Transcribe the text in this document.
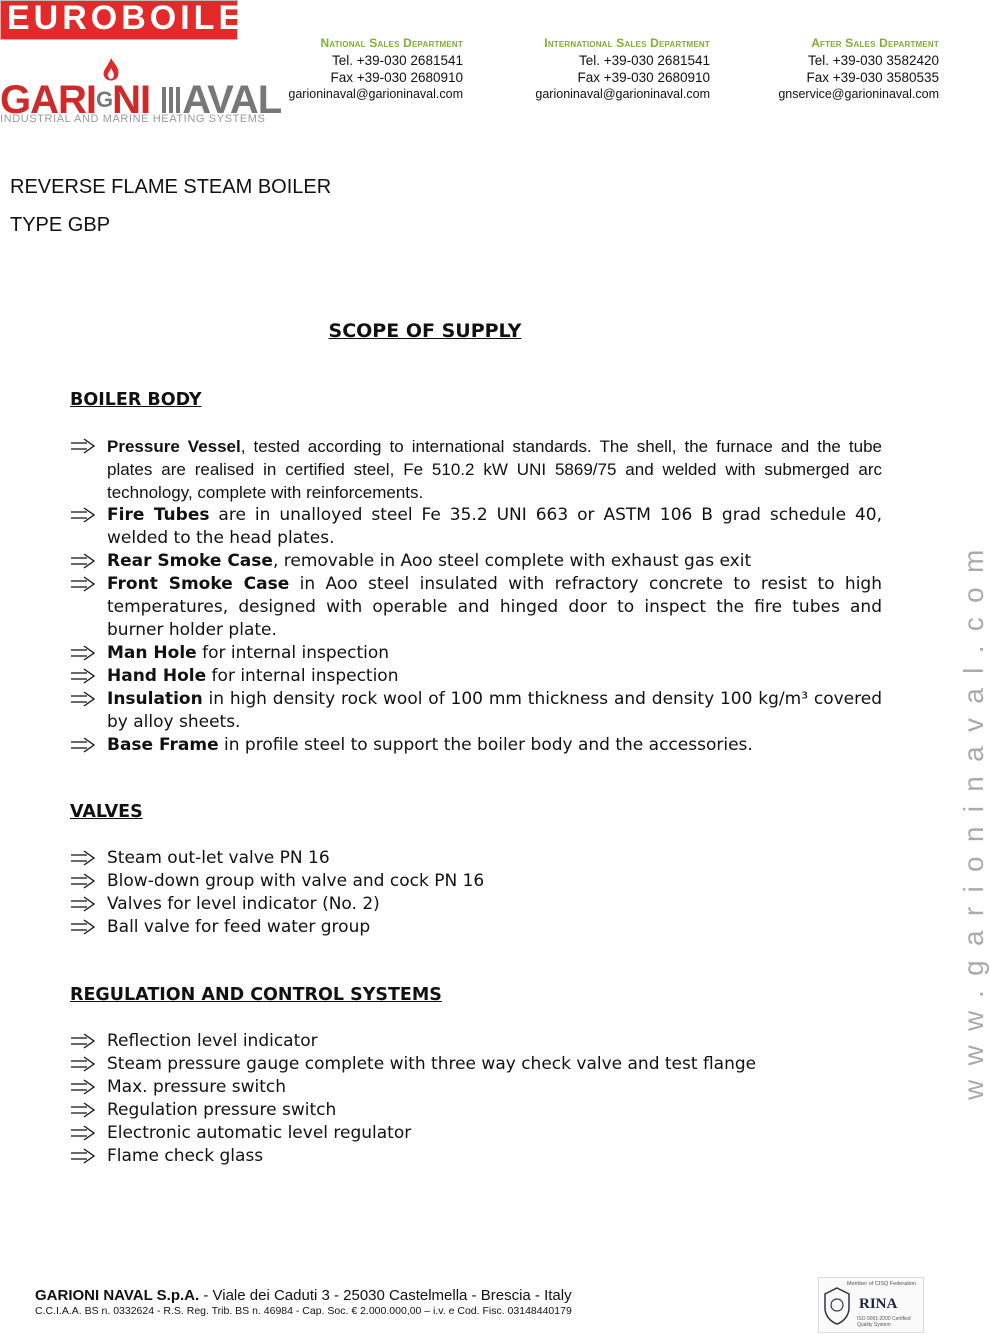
EUROBOILERS
GARIGNI AVAL
INDUSTRIAL AND MARINE HEATING SYSTEMS
National Sales Department
Tel. +39-030 2681541
Fax +39-030 2680910
garioninaval@garioninaval.com
International Sales Department
Tel. +39-030 2681541
Fax +39-030 2680910
garioninaval@garioninaval.com
After Sales Department
Tel. +39-030 3582420
Fax +39-030 3580535
gnservice@garioninaval.com
REVERSE FLAME STEAM BOILER
TYPE GBP
SCOPE OF SUPPLY
BOILER BODY
Pressure Vessel, tested according to international standards. The shell, the furnace and the tube plates are realised in certified steel, Fe 510.2 kW UNI 5869/75 and welded with submerged arc technology, complete with reinforcements.
Fire Tubes are in unalloyed steel Fe 35.2 UNI 663 or ASTM 106 B grad schedule 40, welded to the head plates.
Rear Smoke Case, removable in Aoo steel complete with exhaust gas exit
Front Smoke Case in Aoo steel insulated with refractory concrete to resist to high temperatures, designed with operable and hinged door to inspect the fire tubes and burner holder plate.
Man Hole for internal inspection
Hand Hole for internal inspection
Insulation in high density rock wool of 100 mm thickness and density 100 kg/m³ covered by alloy sheets.
Base Frame in profile steel to support the boiler body and the accessories.
VALVES
Steam out-let valve PN 16
Blow-down group with valve and cock PN 16
Valves for level indicator (No. 2)
Ball valve for feed water group
REGULATION AND CONTROL SYSTEMS
Reflection level indicator
Steam pressure gauge complete with three way check valve and test flange
Max. pressure switch
Regulation pressure switch
Electronic automatic level regulator
Flame check glass
www.garioninaval.com
GARIONI NAVAL S.p.A. - Viale dei Caduti 3 - 25030 Castelmella - Brescia - Italy
C.C.I.A.A. BS n. 0332624 - R.S. Reg. Trib. BS n. 46984 - Cap. Soc. € 2.000.000,00 – i.v. e Cod. Fisc. 03148440179
Member of CISQ Federation
RINA
ISO 9001:2000 Certified Quality System
